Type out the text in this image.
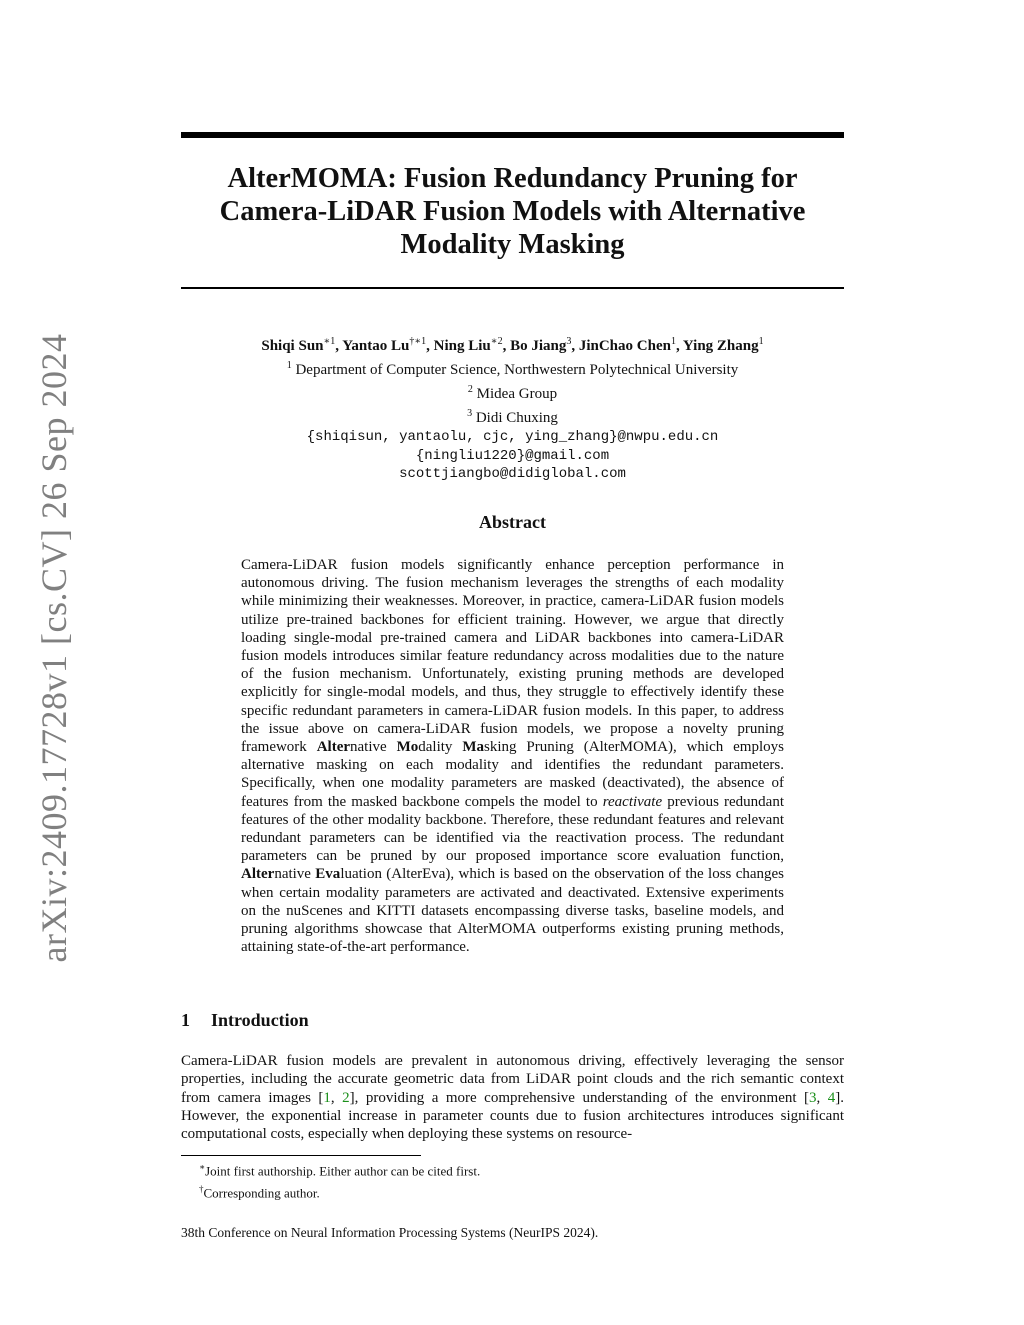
arXiv:2409.17728v1 [cs.CV] 26 Sep 2024
AlterMOMA: Fusion Redundancy Pruning for
Camera-LiDAR Fusion Models with Alternative
Modality Masking
Shiqi Sun$^{∗1}$, Yantao $Lu^{\dagger∗1}$, Ning Liu$^{∗2}$, Bo Jiang$^3$, JinChao Chen$^1$, Ying Zhang$^1$
$^1$ Department of Computer Science, Northwestern Polytechnical University
$^2$ Midea Group
$^3$ Didi Chuxing
{shiqisun, yantaolu, cjc, ying_zhang}@nwpu.edu.cn
{ningliu1220}@gmail.com
scottjiangbo@didiglobal.com
Abstract

Camera-LiDAR fusion models significantly enhance perception performance in autonomous driving. The fusion mechanism leverages the strengths of each modality while minimizing their weaknesses. Moreover, in practice, camera-LiDAR fusion models utilize pre-trained backbones for efficient training. However, we argue that directly loading single-modal pre-trained camera and LiDAR backbones into camera-LiDAR fusion models introduces similar feature redundancy across modalities due to the nature of the fusion mechanism. Unfortunately, existing pruning methods are developed explicitly for single-modal models, and thus, they struggle to effectively identify these specific redundant parameters in camera-LiDAR fusion models. In this paper, to address the issue above on camera-LiDAR fusion models, we propose a novelty pruning framework Alternative Modality Masking Pruning (AlterMOMA), which employs alternative masking on each modality and identifies the redundant parameters. Specifically, when one modality parameters are masked (deactivated), the absence of features from the masked backbone compels the model to reactivate previous redundant features of the other modality backbone. Therefore, these redundant features and relevant redundant parameters can be identified via the reactivation process. The redundant parameters can be pruned by our proposed importance score evaluation function, Alternative Evaluation (AlterEva), which is based on the observation of the loss changes when certain modality parameters are activated and deactivated. Extensive experiments on the nuScenes and KITTI datasets encompassing diverse tasks, baseline models, and pruning algorithms showcase that AlterMOMA outperforms existing pruning methods, attaining state-of-the-art performance.

1 Introduction

Camera-LiDAR fusion models are prevalent in autonomous driving, effectively leveraging the sensor properties, including the accurate geometric data from LiDAR point clouds and the rich semantic context from camera images [1, 2], providing a more comprehensive understanding of the environment [3, 4]. However, the exponential increase in parameter counts due to fusion architectures introduces significant computational costs, especially when deploying these systems on resource-

∗Joint first authorship. Either author can be cited first.
†Corresponding author.
38th Conference on Neural Information Processing Systems (NeurIPS 2024).
